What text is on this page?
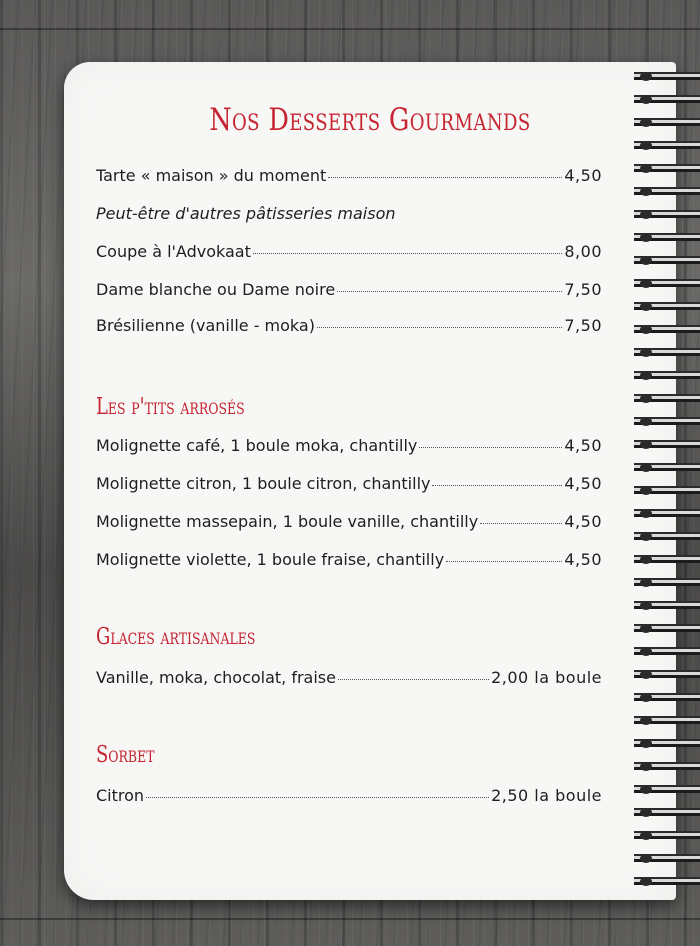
Nos Desserts Gourmands
Tarte « maison » du moment	4,50
Peut-être d'autres pâtisseries maison
Coupe à l'Advokaat	8,00
Dame blanche ou Dame noire	7,50
Brésilienne (vanille - moka)	7,50
Les p'tits arrosés
Molignette café, 1 boule moka, chantilly	4,50
Molignette citron, 1 boule citron, chantilly	4,50
Molignette massepain, 1 boule vanille, chantilly	4,50
Molignette violette, 1 boule fraise, chantilly	4,50
Glaces artisanales
Vanille, moka, chocolat, fraise	2,00 la boule
Sorbet
Citron	2,50 la boule
